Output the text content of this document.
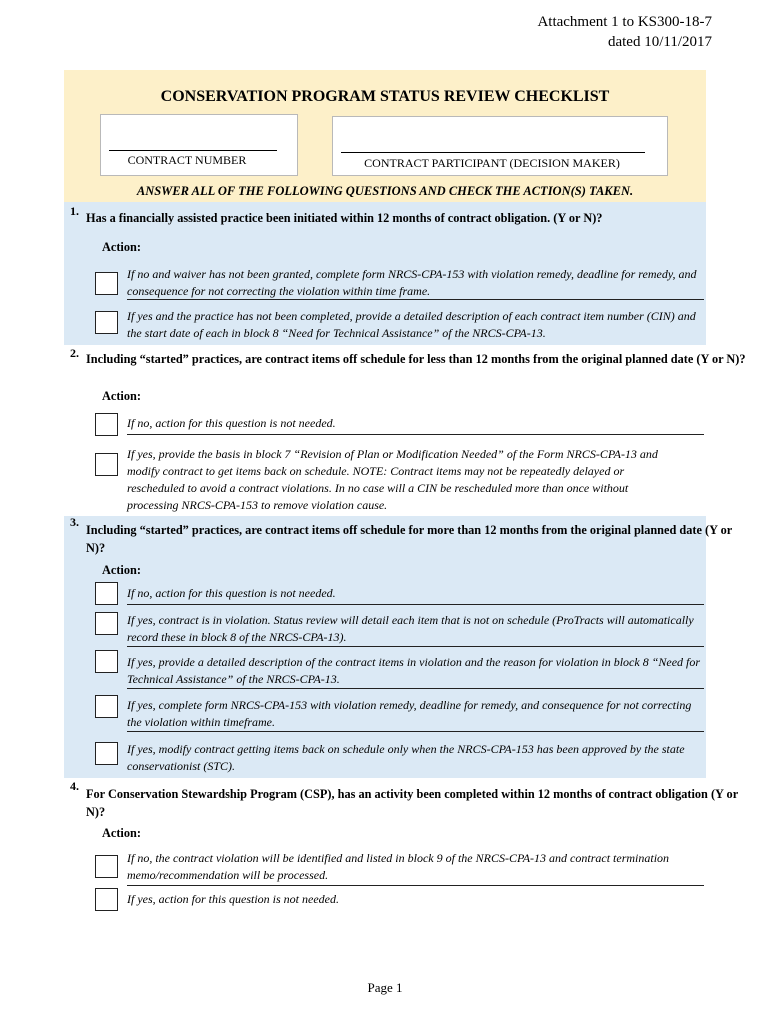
Attachment 1 to KS300-18-7
dated 10/11/2017
CONSERVATION PROGRAM STATUS REVIEW CHECKLIST
CONTRACT NUMBER	CONTRACT PARTICIPANT (DECISION MAKER)
ANSWER ALL OF THE FOLLOWING QUESTIONS AND CHECK THE ACTION(S) TAKEN.
1. Has a financially assisted practice been initiated within 12 months of contract obligation. (Y or N)?
Action:
If no and waiver has not been granted, complete form NRCS-CPA-153 with violation remedy, deadline for remedy, and consequence for not correcting the violation within time frame.
If yes and the practice has not been completed, provide a detailed description of each contract item number (CIN) and the start date of each in block 8 “Need for Technical Assistance” of the NRCS-CPA-13.
2. Including “started” practices, are contract items off schedule for less than 12 months from the original planned date (Y or N)?
Action:
If no, action for this question is not needed.
If yes, provide the basis in block 7 “Revision of Plan or Modification Needed” of the Form NRCS-CPA-13 and modify contract to get items back on schedule. NOTE: Contract items may not be repeatedly delayed or rescheduled to avoid a contract violations. In no case will a CIN be rescheduled more than once without processing NRCS-CPA-153 to remove violation cause.
3.
Including “started” practices, are contract items off schedule for more than 12 months from the original planned date (Y or N)?
Action:
If no, action for this question is not needed.
If yes, contract is in violation. Status review will detail each item that is not on schedule (ProTracts will automatically record these in block 8 of the NRCS-CPA-13).
If yes, provide a detailed description of the contract items in violation and the reason for violation in block 8 “Need for Technical Assistance” of the NRCS-CPA-13.
If yes, complete form NRCS-CPA-153 with violation remedy, deadline for remedy, and consequence for not correcting the violation within timeframe.
If yes, modify contract getting items back on schedule only when the NRCS-CPA-153 has been approved by the state conservationist (STC).
4.
For Conservation Stewardship Program (CSP), has an activity been completed within 12 months of contract obligation (Y or N)?
Action:
If no, the contract violation will be identified and listed in block 9 of the NRCS-CPA-13 and contract termination memo/recommendation will be processed.
If yes, action for this question is not needed.
Page 1
